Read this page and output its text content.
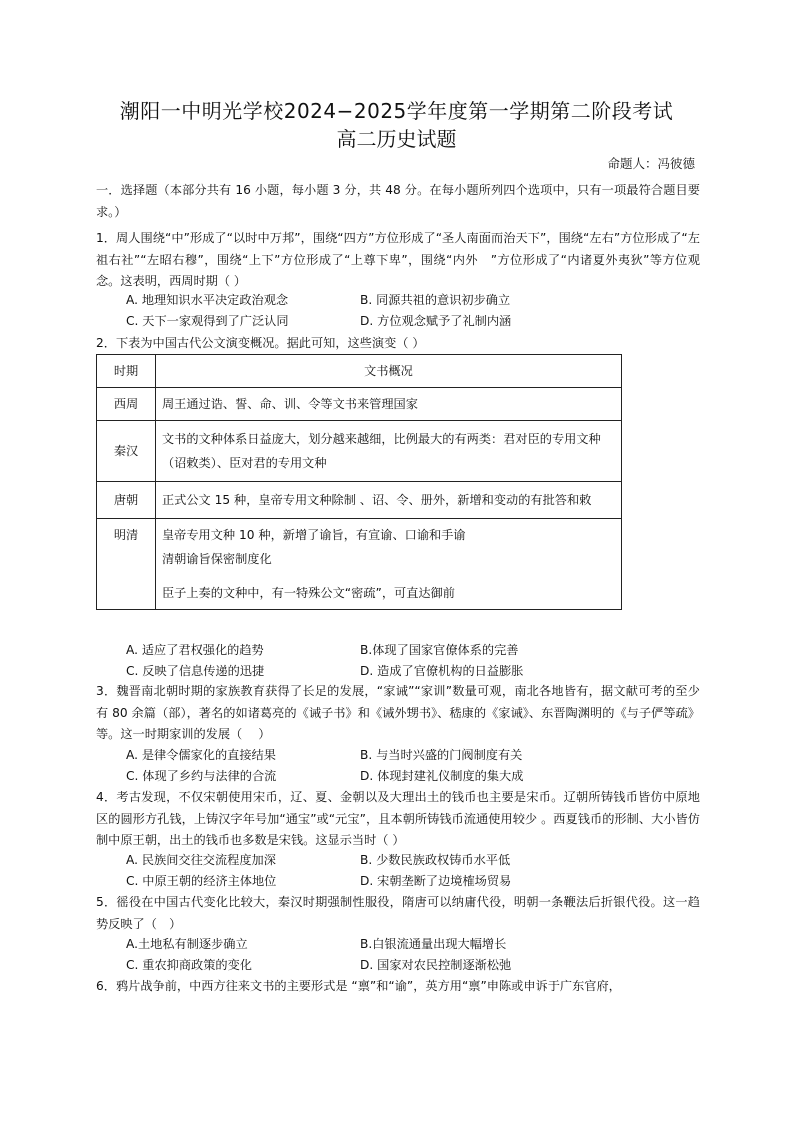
潮阳一中明光学校2024−2025学年度第一学期第二阶段考试
高二历史试题
命题人：冯彼德
一．选择题（本部分共有 16 小题，每小题 3 分，共 48 分。在每小题所列四个选项中，只有一项最符合题目要求。）
1．周人围绕“中”形成了“以时中万邦”，围绕“四方”方位形成了“圣人南面而治天下”，围绕“左右”方位形成了“左祖右社”“左昭右穆”，围绕“上下”方位形成了“上尊下卑”，围绕“内外　”方位形成了“内诸夏外夷狄”等方位观念。这表明，西周时期（ ）
A. 地理知识水平决定政治观念	B. 同源共祖的意识初步确立
C. 天下一家观得到了广泛认同	D. 方位观念赋予了礼制内涵
2．下表为中国古代公文演变概况。据此可知，这些演变（ ）
时期	文书概况
西周	周王通过诰、誓、命、训、令等文书来管理国家

秦汉	文书的文种体系日益庞大，划分越来越细，比例最大的有两类：君对臣的专用文种（诏敕类）、臣对君的专用文种

唐朝	正式公文 15 种，皇帝专用文种除制 、诏、令、册外，新增和变动的有批答和敕

明清	皇帝专用文种 10 种，新增了谕旨，有宣谕、口谕和手谕
清朝谕旨保密制度化
臣子上奏的文种中，有一特殊公文“密疏”，可直达御前
A. 适应了君权强化的趋势	B.体现了国家官僚体系的完善
C. 反映了信息传递的迅捷	D. 造成了官僚机构的日益膨胀
3．魏晋南北朝时期的家族教育获得了长足的发展，“家诫”“家训”数量可观，南北各地皆有，据文献可考的至少有 80 余篇（部），著名的如诸葛亮的《诫子书》和《诫外甥书》、嵇康的《家诫》、东晋陶渊明的《与子俨等疏》等。这一时期家训的发展（　 ）
A. 是律令儒家化的直接结果	B. 与当时兴盛的门阀制度有关
C. 体现了乡约与法律的合流	D. 体现封建礼仪制度的集大成
4．考古发现，不仅宋朝使用宋币，辽、夏、金朝以及大理出土的钱币也主要是宋币。辽朝所铸钱币皆仿中原地区的圆形方孔钱，上铸汉字年号加“通宝”或“元宝”，且本朝所铸钱币流通使用较少 。西夏钱币的形制、大小皆仿制中原王朝，出土的钱币也多数是宋钱。这显示当时（ ）
A. 民族间交往交流程度加深	B. 少数民族政权铸币水平低
C. 中原王朝的经济主体地位	D. 宋朝垄断了边境榷场贸易
5．徭役在中国古代变化比较大，秦汉时期强制性服役，隋唐可以纳庸代役，明朝一条鞭法后折银代役。这一趋势反映了（　）
A.土地私有制逐步确立	B.白银流通量出现大幅增长
C. 重农抑商政策的变化	D. 国家对农民控制逐渐松弛
6．鸦片战争前，中西方往来文书的主要形式是 “禀”和“谕”，英方用“禀”申陈或申诉于广东官府，
